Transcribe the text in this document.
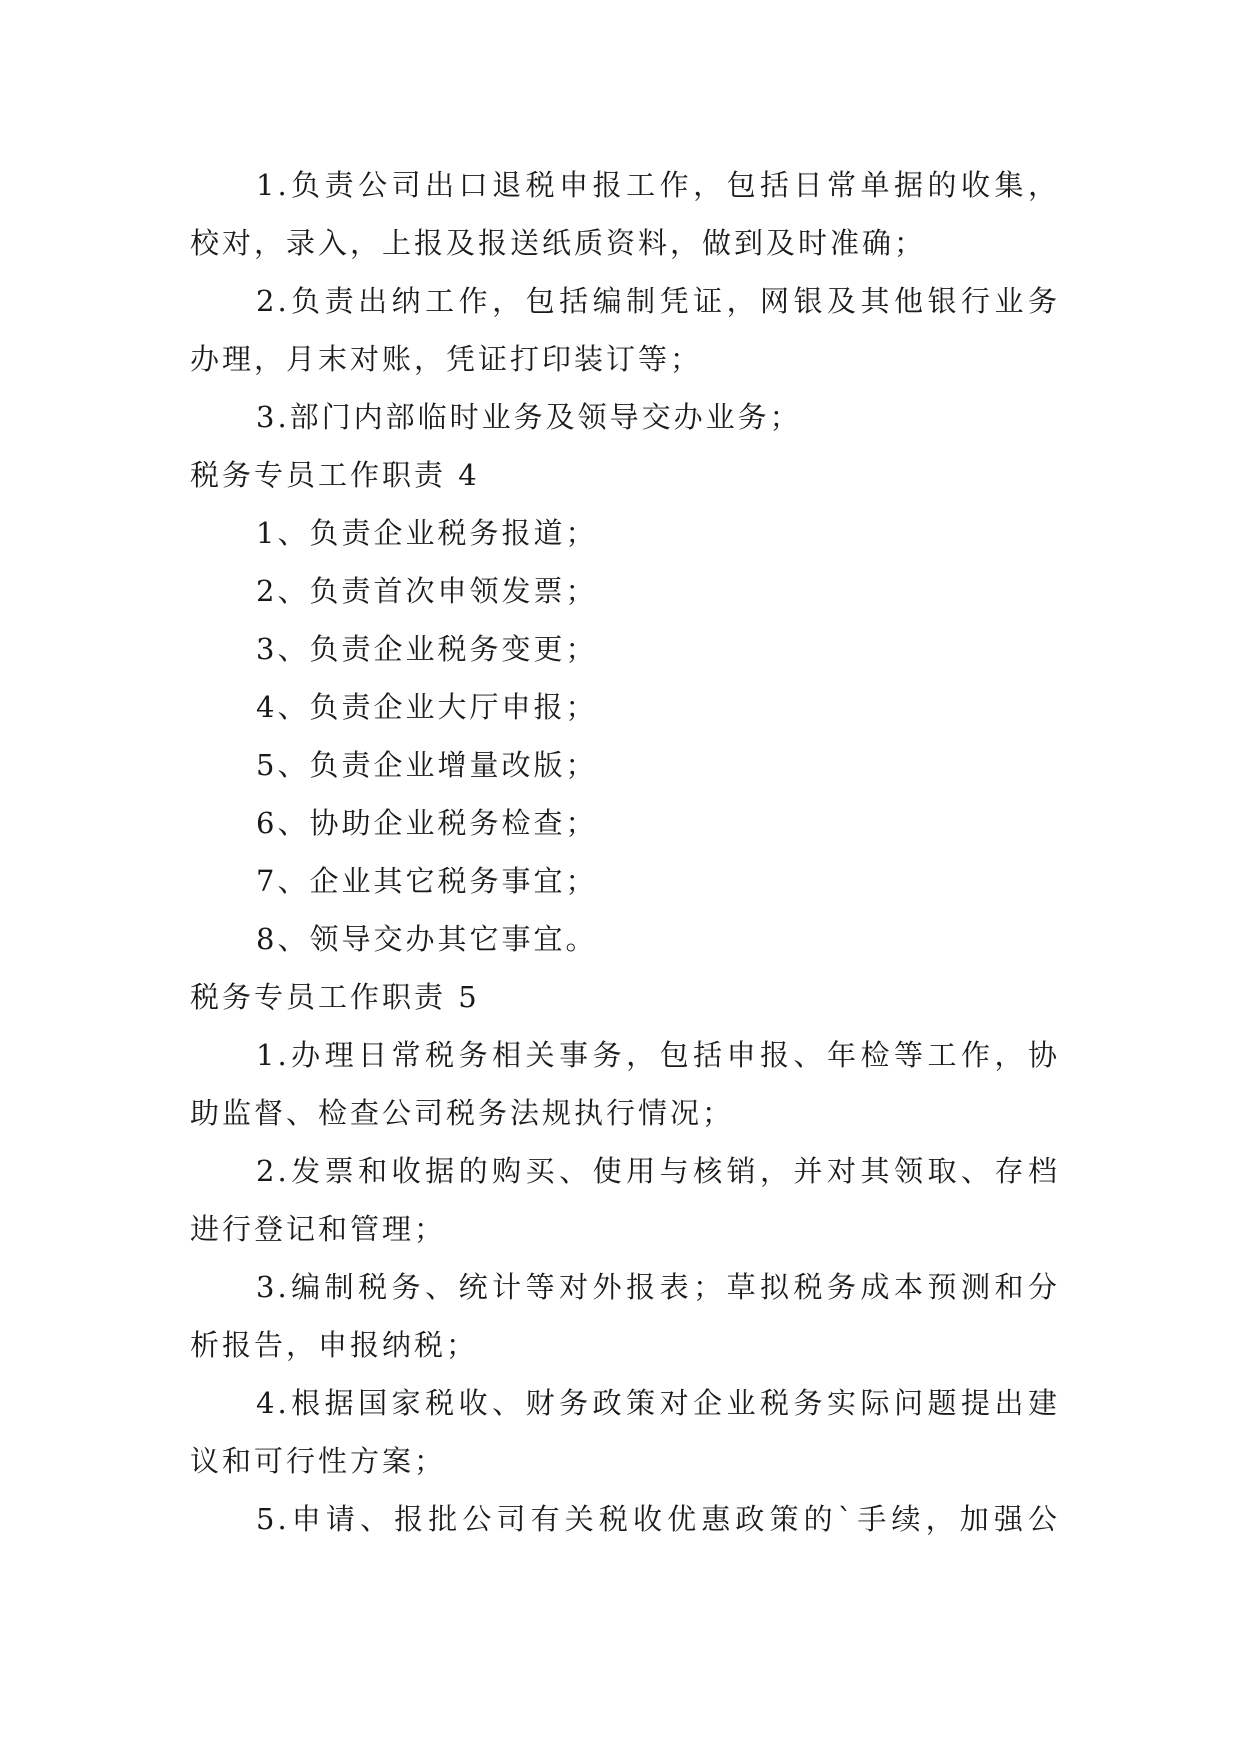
1.负责公司出口退税申报工作，包括日常单据的收集，

校对，录入，上报及报送纸质资料，做到及时准确；

2.负责出纳工作，包括编制凭证，网银及其他银行业务

办理，月末对账，凭证打印装订等；

3.部门内部临时业务及领导交办业务；

税务专员工作职责 4

1、负责企业税务报道；

2、负责首次申领发票；

3、负责企业税务变更；

4、负责企业大厅申报；

5、负责企业增量改版；

6、协助企业税务检查；

7、企业其它税务事宜；

8、领导交办其它事宜。

税务专员工作职责 5

1.办理日常税务相关事务，包括申报、年检等工作，协

助监督、检查公司税务法规执行情况；

2.发票和收据的购买、使用与核销，并对其领取、存档

进行登记和管理；

3.编制税务、统计等对外报表；草拟税务成本预测和分

析报告，申报纳税；

4.根据国家税收、财务政策对企业税务实际问题提出建

议和可行性方案；

5.申请、报批公司有关税收优惠政策的`手续，加强公
